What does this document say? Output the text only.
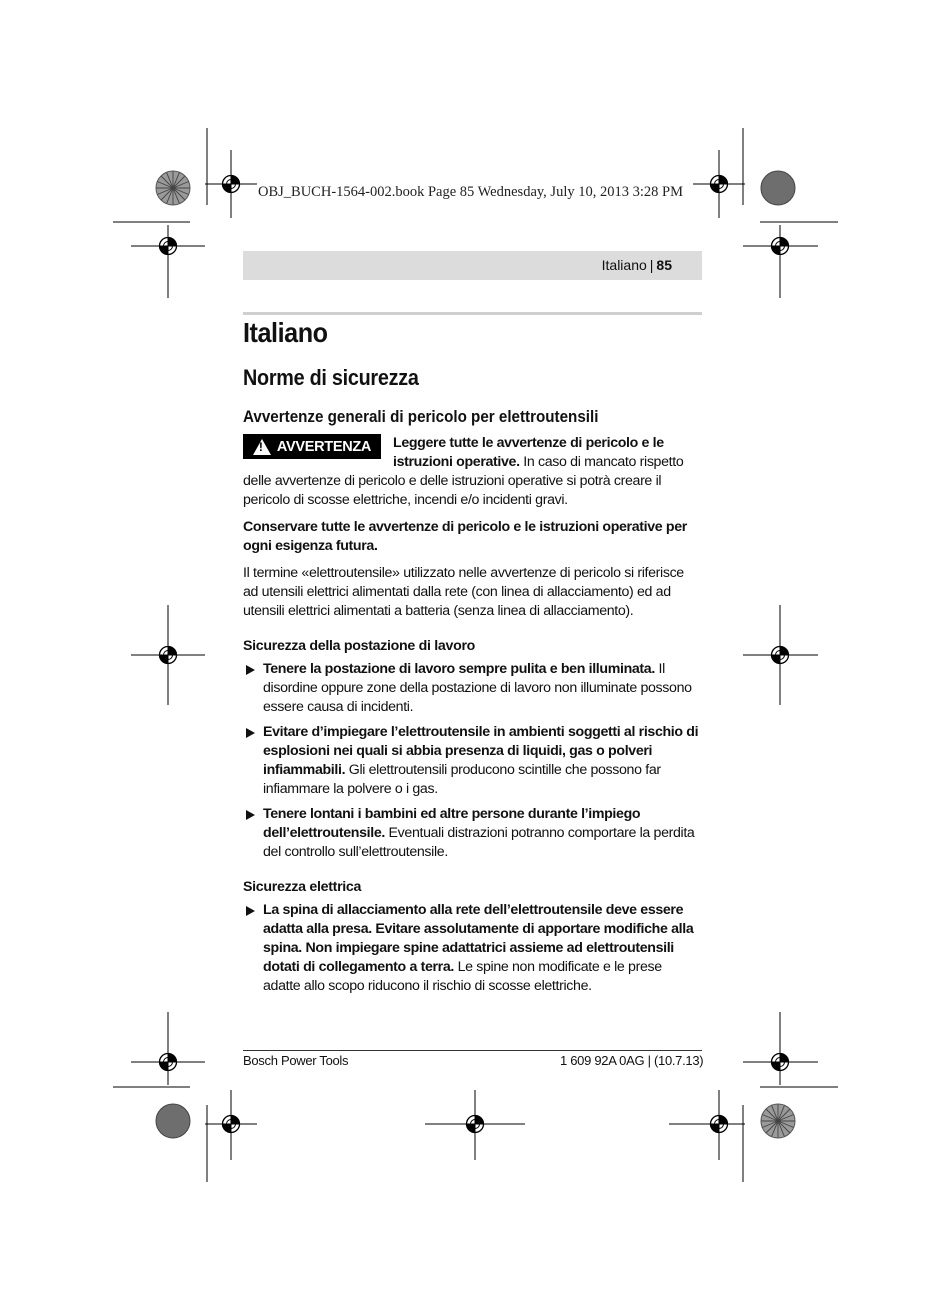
OBJ_BUCH-1564-002.book Page 85 Wednesday, July 10, 2013 3:28 PM
Italiano | 85
Italiano
Norme di sicurezza
Avvertenze generali di pericolo per elettroutensili
! AVVERTENZA	Leggere tutte le avvertenze di pericolo e le istruzioni operative. In caso di mancato rispetto delle avvertenze di pericolo e delle istruzioni operative si potrà creare il pericolo di scosse elettriche, incendi e/o incidenti gravi.

Conservare tutte le avvertenze di pericolo e le istruzioni operative per ogni esigenza futura.

Il termine «elettroutensile» utilizzato nelle avvertenze di pericolo si riferisce ad utensili elettrici alimentati dalla rete (con linea di allacciamento) ed ad utensili elettrici alimentati a batteria (senza linea di allacciamento).

Sicurezza della postazione di lavoro
Tenere la postazione di lavoro sempre pulita e ben illuminata. Il disordine oppure zone della postazione di lavoro non illuminate possono essere causa di incidenti.
Evitare d’impiegare l’elettroutensile in ambienti soggetti al rischio di esplosioni nei quali si abbia presenza di liquidi, gas o polveri infiammabili. Gli elettroutensili producono scintille che possono far infiammare la polvere o i gas.
Tenere lontani i bambini ed altre persone durante l’impiego dell’elettroutensile. Eventuali distrazioni potranno comportare la perdita del controllo sull’elettroutensile.
Sicurezza elettrica
La spina di allacciamento alla rete dell’elettroutensile deve essere adatta alla presa. Evitare assolutamente di apportare modifiche alla spina. Non impiegare spine adattatrici assieme ad elettroutensili dotati di collegamento a terra. Le spine non modificate e le prese adatte allo scopo riducono il rischio di scosse elettriche.
Bosch Power Tools	1 609 92A 0AG | (10.7.13)
